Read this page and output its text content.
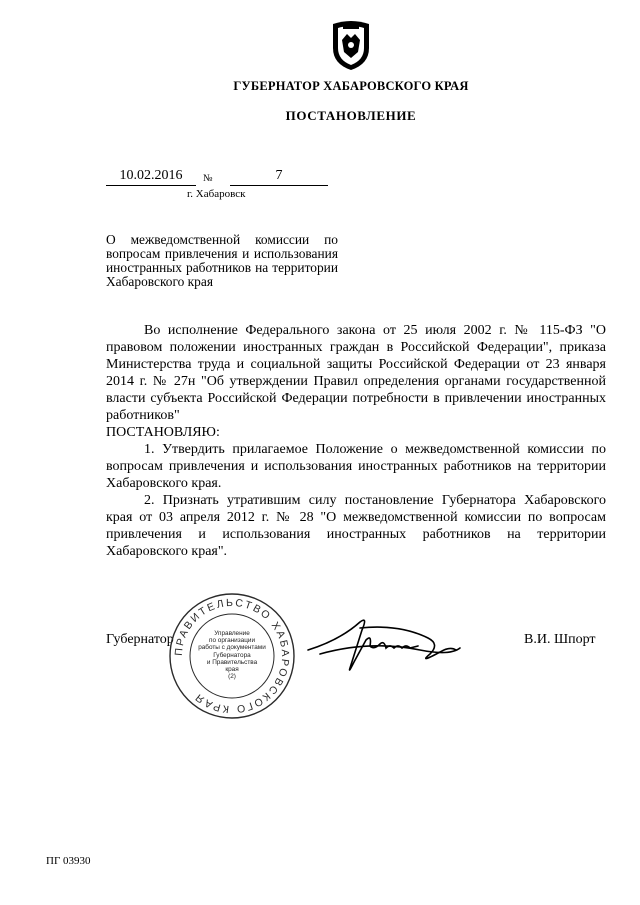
ГУБЕРНАТОР ХАБАРОВСКОГО КРАЯ
ПОСТАНОВЛЕНИЕ
10.02.2016	№	7
г. Хабаровск
О межведомственной комиссии по вопросам привлечения и использования иностранных работников на территории Хабаровского края

Во исполнение Федерального закона от 25 июля 2002 г. № 115-ФЗ "О правовом положении иностранных граждан в Российской Федерации", приказа Министерства труда и социальной защиты Российской Федерации от 23 января 2014 г. № 27н "Об утверждении Правил определения органами государственной власти субъекта Российской Федерации потребности в привлечении иностранных работников"

ПОСТАНОВЛЯЮ:

1. Утвердить прилагаемое Положение о межведомственной комиссии по вопросам привлечения и использования иностранных работников на территории Хабаровского края.

2. Признать утратившим силу постановление Губернатора Хабаровского края от 03 апреля 2012 г. № 28 "О межведомственной комиссии по вопросам привлечения и использования иностранных работников на территории Хабаровского края".

Губернатор	В.И. Шпорт
ПРАВИТЕЛЬСТВО ХАБАРОВСКОГО КРАЯ
Управление
по организации
работы с документами
Губернатора
и Правительства
края
(2)
ПГ 03930
